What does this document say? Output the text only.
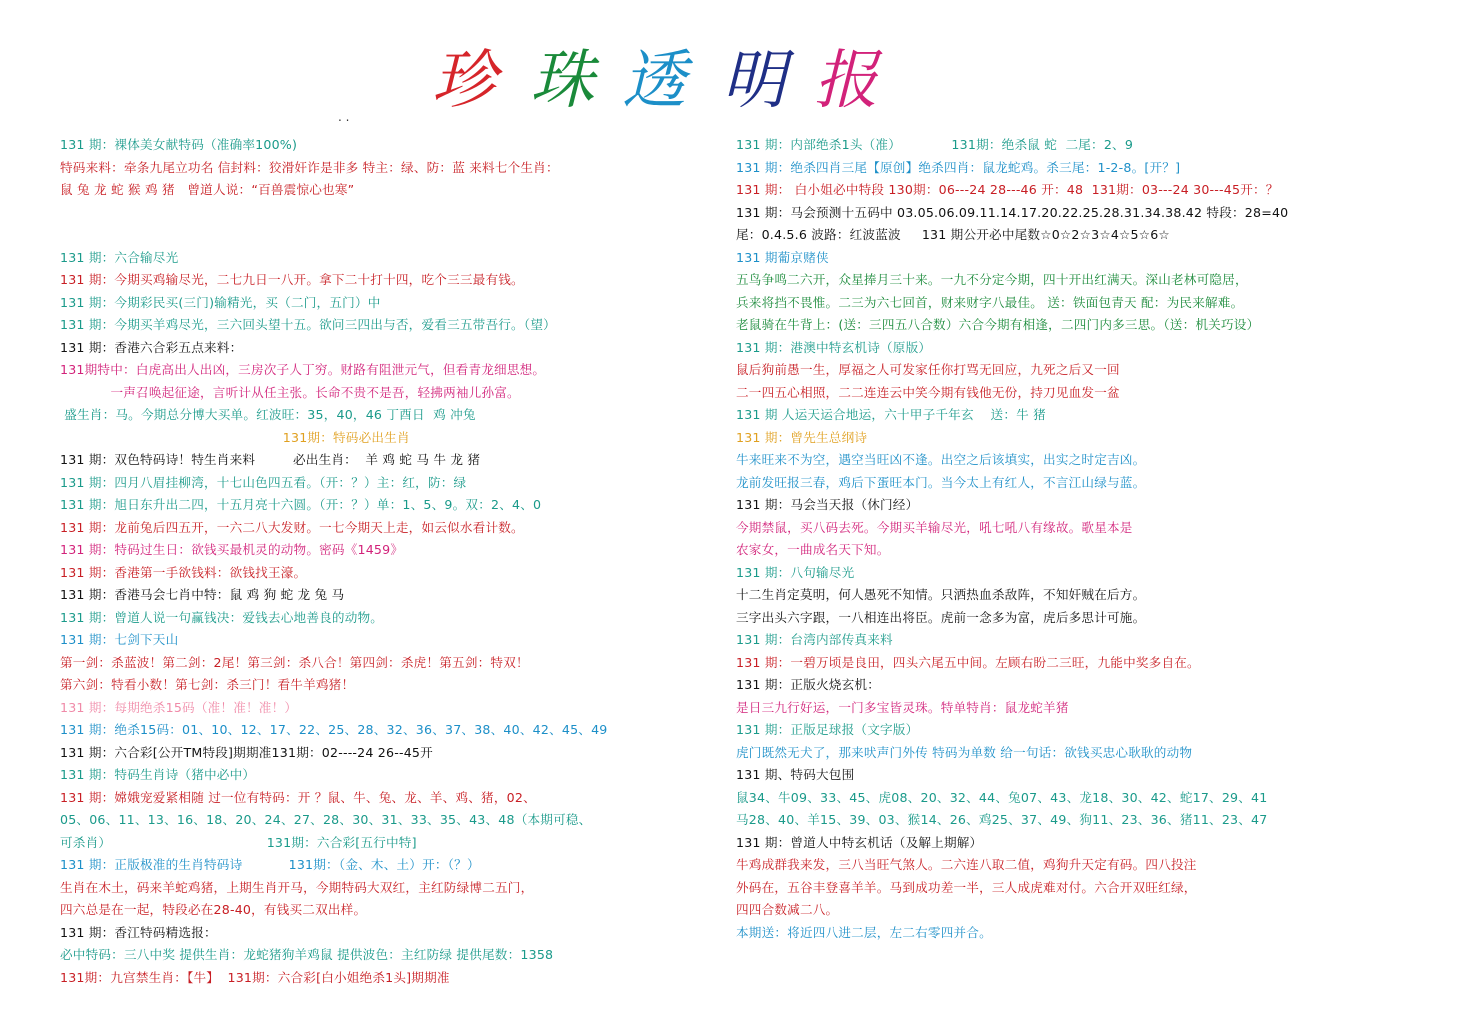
珍 珠 透 明 报
. .
131 期：裸体美女献特码（准确率100%)
特码来料：牵条九尾立功名 信封料：狡滑奸诈是非多 特主：绿、防：蓝 来料七个生肖：
鼠 兔 龙 蛇 猴 鸡 猪   曾道人说：“百兽震惊心也寒”
131 期：六合输尽光
131 期：今期买鸡输尽光，二七九日一八开。拿下二十打十四，吃个三三最有钱。
131 期：今期彩民买(三门)输精光，买（二门，五门）中
131 期：今期买羊鸡尽光，三六回头望十五。欲问三四出与否，爱看三五带吾行。（望）
131 期：香港六合彩五点来料：
131期特中：白虎高出人出凶，三房次子人丁穷。财路有阻泄元气，但看青龙细思想。
一声召唤起征途，言听计从任主张。长命不贵不是吾，轻拂两袖儿孙富。
盛生肖：马。今期总分博大买单。红波旺：35，40，46 丁酉日  鸡 冲兔
131期：特码必出生肖
131 期：双色特码诗！特生肖来料         必出生肖：  羊 鸡 蛇 马 牛 龙 猪
131 期：四月八眉挂柳湾，十七山色四五看。（开：？）主：红，防：绿
131 期：旭日东升出二四，十五月亮十六圆。（开：？）单：1、5、9。双：2、4、0
131 期：龙前兔后四五开，一六二八大发财。一七今期天上走，如云似水看计数。
131 期：特码过生日：欲钱买最机灵的动物。密码《1459》
131 期：香港第一手欲钱料：欲钱找王濠。
131 期：香港马会七肖中特：鼠 鸡 狗 蛇 龙 兔 马
131 期：曾道人说一句赢钱决：爱钱去心地善良的动物。
131 期：七剑下天山
第一剑：杀蓝波！第二剑：2尾！第三剑：杀八合！第四剑：杀虎！第五剑：特双！
第六剑：特看小数！第七剑：杀三门！看牛羊鸡猪！
131 期：每期绝杀15码（准！准！准！）
131 期：绝杀15码：01、10、12、17、22、25、28、32、36、37、38、40、42、45、49
131 期：六合彩[公开TM特段]期期准131期：02----24 26--45开
131 期：特码生肖诗（猪中必中）
131 期：嫦娥宠爱紧相随 过一位有特码：开 ？鼠、牛、兔、龙、羊、鸡、猪，02、
05、06、11、13、16、18、20、24、27、28、30、31、33、35、43、48（本期可稳、
可杀肖）                                     131期：六合彩[五行中特]
131 期：正版极准的生肖特码诗           131期：（金、木、土）开：（？）
生肖在木土，码来羊蛇鸡猪，上期生肖开马，今期特码大双红，主红防绿博二五门，
四六总是在一起，特段必在28-40，有钱买二双出样。
131 期：香江特码精选报：
必中特码：三八中奖 提供生肖：龙蛇猪狗羊鸡鼠 提供波色：主红防绿 提供尾数：1358
131期：九宫禁生肖：【牛】  131期：六合彩[白小姐绝杀1头]期期准
131 期：内部绝杀1头（准）            131期：绝杀鼠 蛇  二尾：2、9
131 期：绝杀四肖三尾【原创】绝杀四肖：鼠龙蛇鸡。杀三尾：1-2-8。[开？]
131 期： 白小姐必中特段 130期：06---24 28---46 开：48  131期：03---24 30---45开：？
131 期：马会预测十五码中 03.05.06.09.11.14.17.20.22.25.28.31.34.38.42 特段：28=40
尾：0.4.5.6 波路：红波蓝波     131 期公开必中尾数☆0☆2☆3☆4☆5☆6☆
131 期葡京赌侠
五鸟争鸣二六开，众星捧月三十来。一九不分定今期，四十开出红满天。深山老林可隐居，
兵来将挡不畏惟。二三为六七回首，财来财字八最佳。 送：铁面包青天 配：为民来解难。
老鼠骑在牛背上：(送：三四五八合数）六合今期有相逢，二四门内多三思。（送：机关巧设）
131 期：港澳中特玄机诗（原版）
鼠后狗前愚一生，厚福之人可发家任你打骂无回应，九死之后又一回
二一四五心相照，二二连连云中笑今期有钱他无份，持刀见血发一盆
131 期 人运天运合地运，六十甲子千年玄    送：牛 猪
131 期：曾先生总纲诗
牛来旺来不为空，遇空当旺凶不逢。出空之后该填实，出实之时定吉凶。
龙前发旺报三春，鸡后下蛋旺本门。当今太上有红人，不言江山绿与蓝。
131 期：马会当天报（休门经）
今期禁鼠，买八码去死。今期买羊输尽光，吼七吼八有缘故。歌星本是
农家女，一曲成名天下知。
131 期：八句输尽光
十二生肖定莫明，何人愚死不知情。只洒热血杀敌阵，不知奸贼在后方。
三字出头六字跟，一八相连出将臣。虎前一念多为富，虎后多思计可施。
131 期：台湾内部传真来料
131 期：一碧万顷是良田，四头六尾五中间。左顾右盼二三旺，九能中奖多自在。
131 期：正版火烧玄机：
是日三九行好运，一门多宝皆灵珠。特单特肖：鼠龙蛇羊猪
131 期：正版足球报（文字版）
虎门既然无犬了，那来吠声门外传 特码为单数 给一句话：欲钱买忠心耿耿的动物
131 期、特码大包围
鼠34、牛09、33、45、虎08、20、32、44、兔07、43、龙18、30、42、蛇17、29、41
马28、40、羊15、39、03、猴14、26、鸡25、37、49、狗11、23、36、猪11、23、47
131 期：曾道人中特玄机话（及解上期解）
牛鸡成群我来发，三八当旺气煞人。二六连八取二值，鸡狗升天定有码。四八投注
外码在，五谷丰登喜羊羊。马到成功差一半，三人成虎难对付。六合开双旺红绿，
四四合数减二八。
本期送：将近四八进二层，左二右零四并合。
